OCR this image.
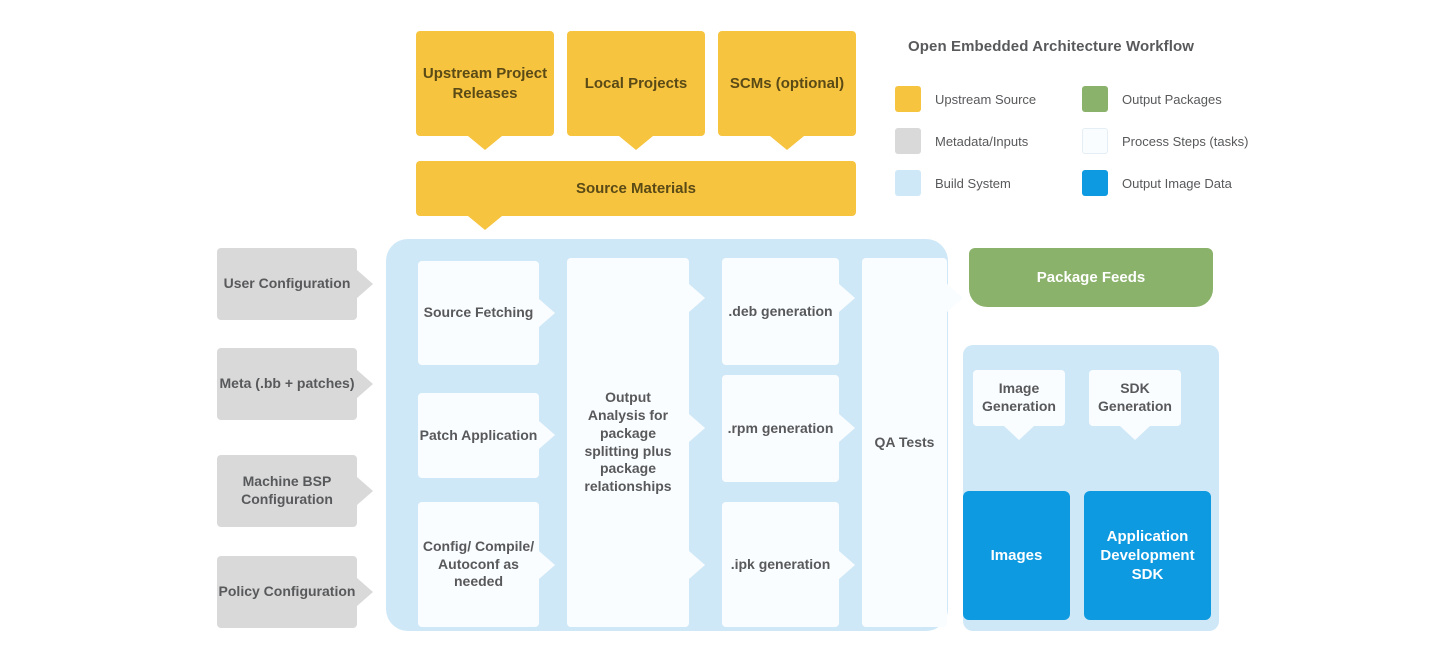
Upstream Project Releases
Local Projects	SCMs (optional)
Source Materials
User Configuration
Meta (.bb + patches)
Machine BSP Configuration
Policy Configuration
Source Fetching
Patch Application
Config/ Compile/ Autoconf as needed
Output Analysis for package splitting plus package relationships
.deb generation
.rpm generation
.ipk generation
QA Tests
Package Feeds
Image Generation
SDK Generation
Images
Application Development SDK
Open Embedded Architecture Workflow
Upstream Source
Metadata/Inputs
Build System
Output Packages
Process Steps (tasks)
Output Image Data
